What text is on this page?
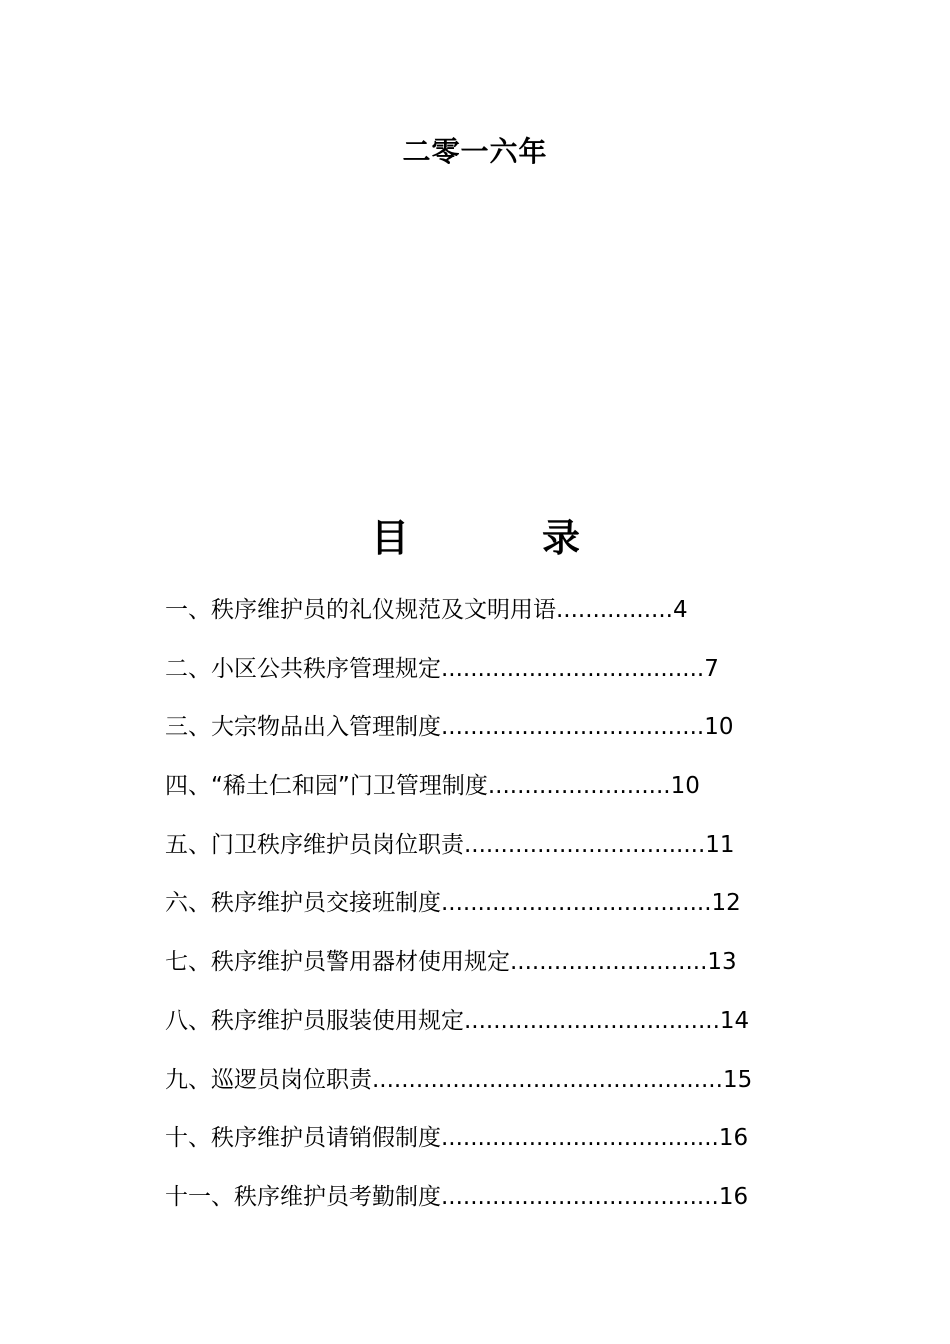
二零一六年
目	录
一、秩序维护员的礼仪规范及文明用语 ................ 4
二、小区公共秩序管理规定 .................................... 7
三、大宗物品出入管理制度 .................................... 10
四、“稀土仁和园”门卫管理制度 ......................... 10
五、门卫秩序维护员岗位职责 ................................. 11
六、秩序维护员交接班制度 ..................................... 12
七、秩序维护员警用器材使用规定 ........................... 13
八、秩序维护员服装使用规定 ................................... 14
九、巡逻员岗位职责 ................................................ 15
十、秩序维护员请销假制度 ...................................... 16
十一、秩序维护员考勤制度 ...................................... 16
